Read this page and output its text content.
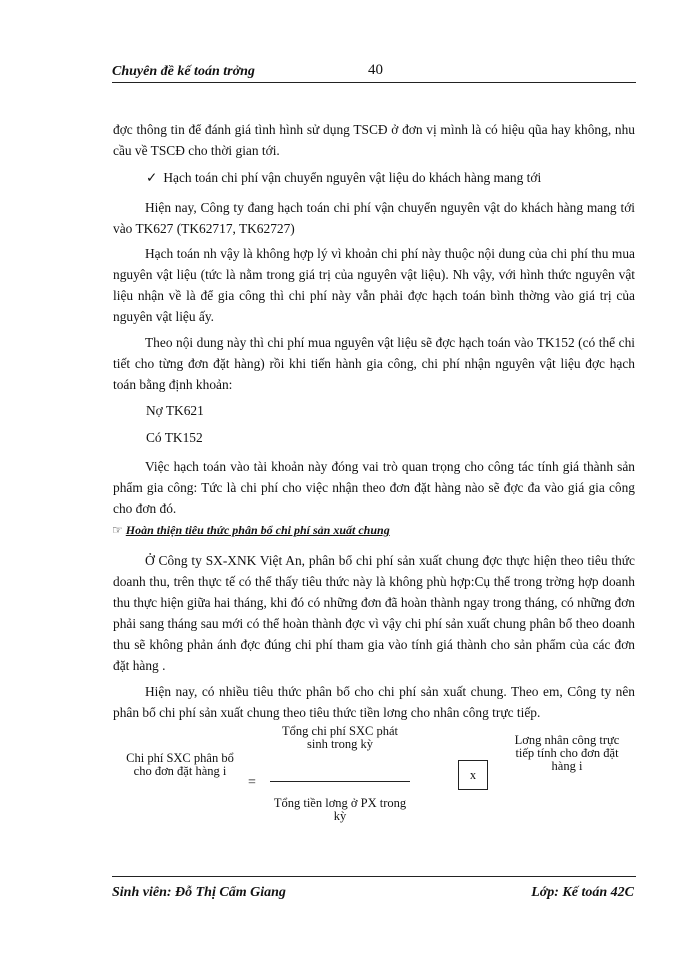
Chuyên đề kế toán trởng	40

đợc thông tin để đánh giá tình hình sử dụng TSCĐ ở đơn vị mình là có hiệu qũa hay không, nhu cầu về TSCĐ cho thời gian tới.

✓ Hạch toán chi phí vận chuyển nguyên vật liệu do khách hàng mang tới

Hiện nay, Công ty đang hạch toán chi phí vận chuyển nguyên vật do khách hàng mang tới vào TK627 (TK62717, TK62727)

Hạch toán nh vậy là không hợp lý vì khoản chi phí này thuộc nội dung của chi phí thu mua nguyên vật liệu (tức là nằm trong giá trị của nguyên vật liệu). Nh vậy, với hình thức nguyên vật liệu nhận về là để gia công thì chi phí này vẫn phải đợc hạch toán bình thờng vào giá trị của nguyên vật liệu ấy.

Theo nội dung này thì chi phí mua nguyên vật liệu sẽ đợc hạch toán vào TK152 (có thể chi tiết cho từng đơn đặt hàng) rồi khi tiến hành gia công, chi phí nhận nguyên vật liệu đợc hạch toán bằng định khoản:

Nợ TK621

Có TK152

Việc hạch toán vào tài khoản này đóng vai trò quan trọng cho công tác tính giá thành sản phẩm gia công: Tức là chi phí cho việc nhận theo đơn đặt hàng nào sẽ đợc đa vào giá gia công cho đơn đó.

☞ Hoàn thiện tiêu thức phân bổ chi phí sản xuất chung

Ở Công ty SX-XNK Việt An, phân bổ chi phí sản xuất chung đợc thực hiện theo tiêu thức doanh thu, trên thực tế có thể thấy tiêu thức này là không phù hợp:Cụ thể trong trờng hợp doanh thu thực hiện giữa hai tháng, khi đó có những đơn đã hoàn thành ngay trong tháng, có những đơn phải sang tháng sau mới có thể hoàn thành đợc vì vậy chi phí sản xuất chung phân bổ theo doanh thu sẽ không phản ánh đợc đúng chi phí tham gia vào tính giá thành cho sản phẩm của các đơn đặt hàng .

Hiện nay, có nhiều tiêu thức phân bổ cho chi phí sản xuất chung. Theo em, Công ty nên phân bổ chi phí sản xuất chung theo tiêu thức tiền lơng cho nhân công trực tiếp.

Chi phí SXC phân bổ cho đơn đặt hàng i
=
Tổng chi phí SXC phát sinh trong kỳ
Tổng tiền lơng ở PX trong kỳ
x
Lơng nhân công trực tiếp tính cho đơn đặt hàng i
Sinh viên: Đỗ Thị Cẩm Giang	Lớp: Kế toán 42C
